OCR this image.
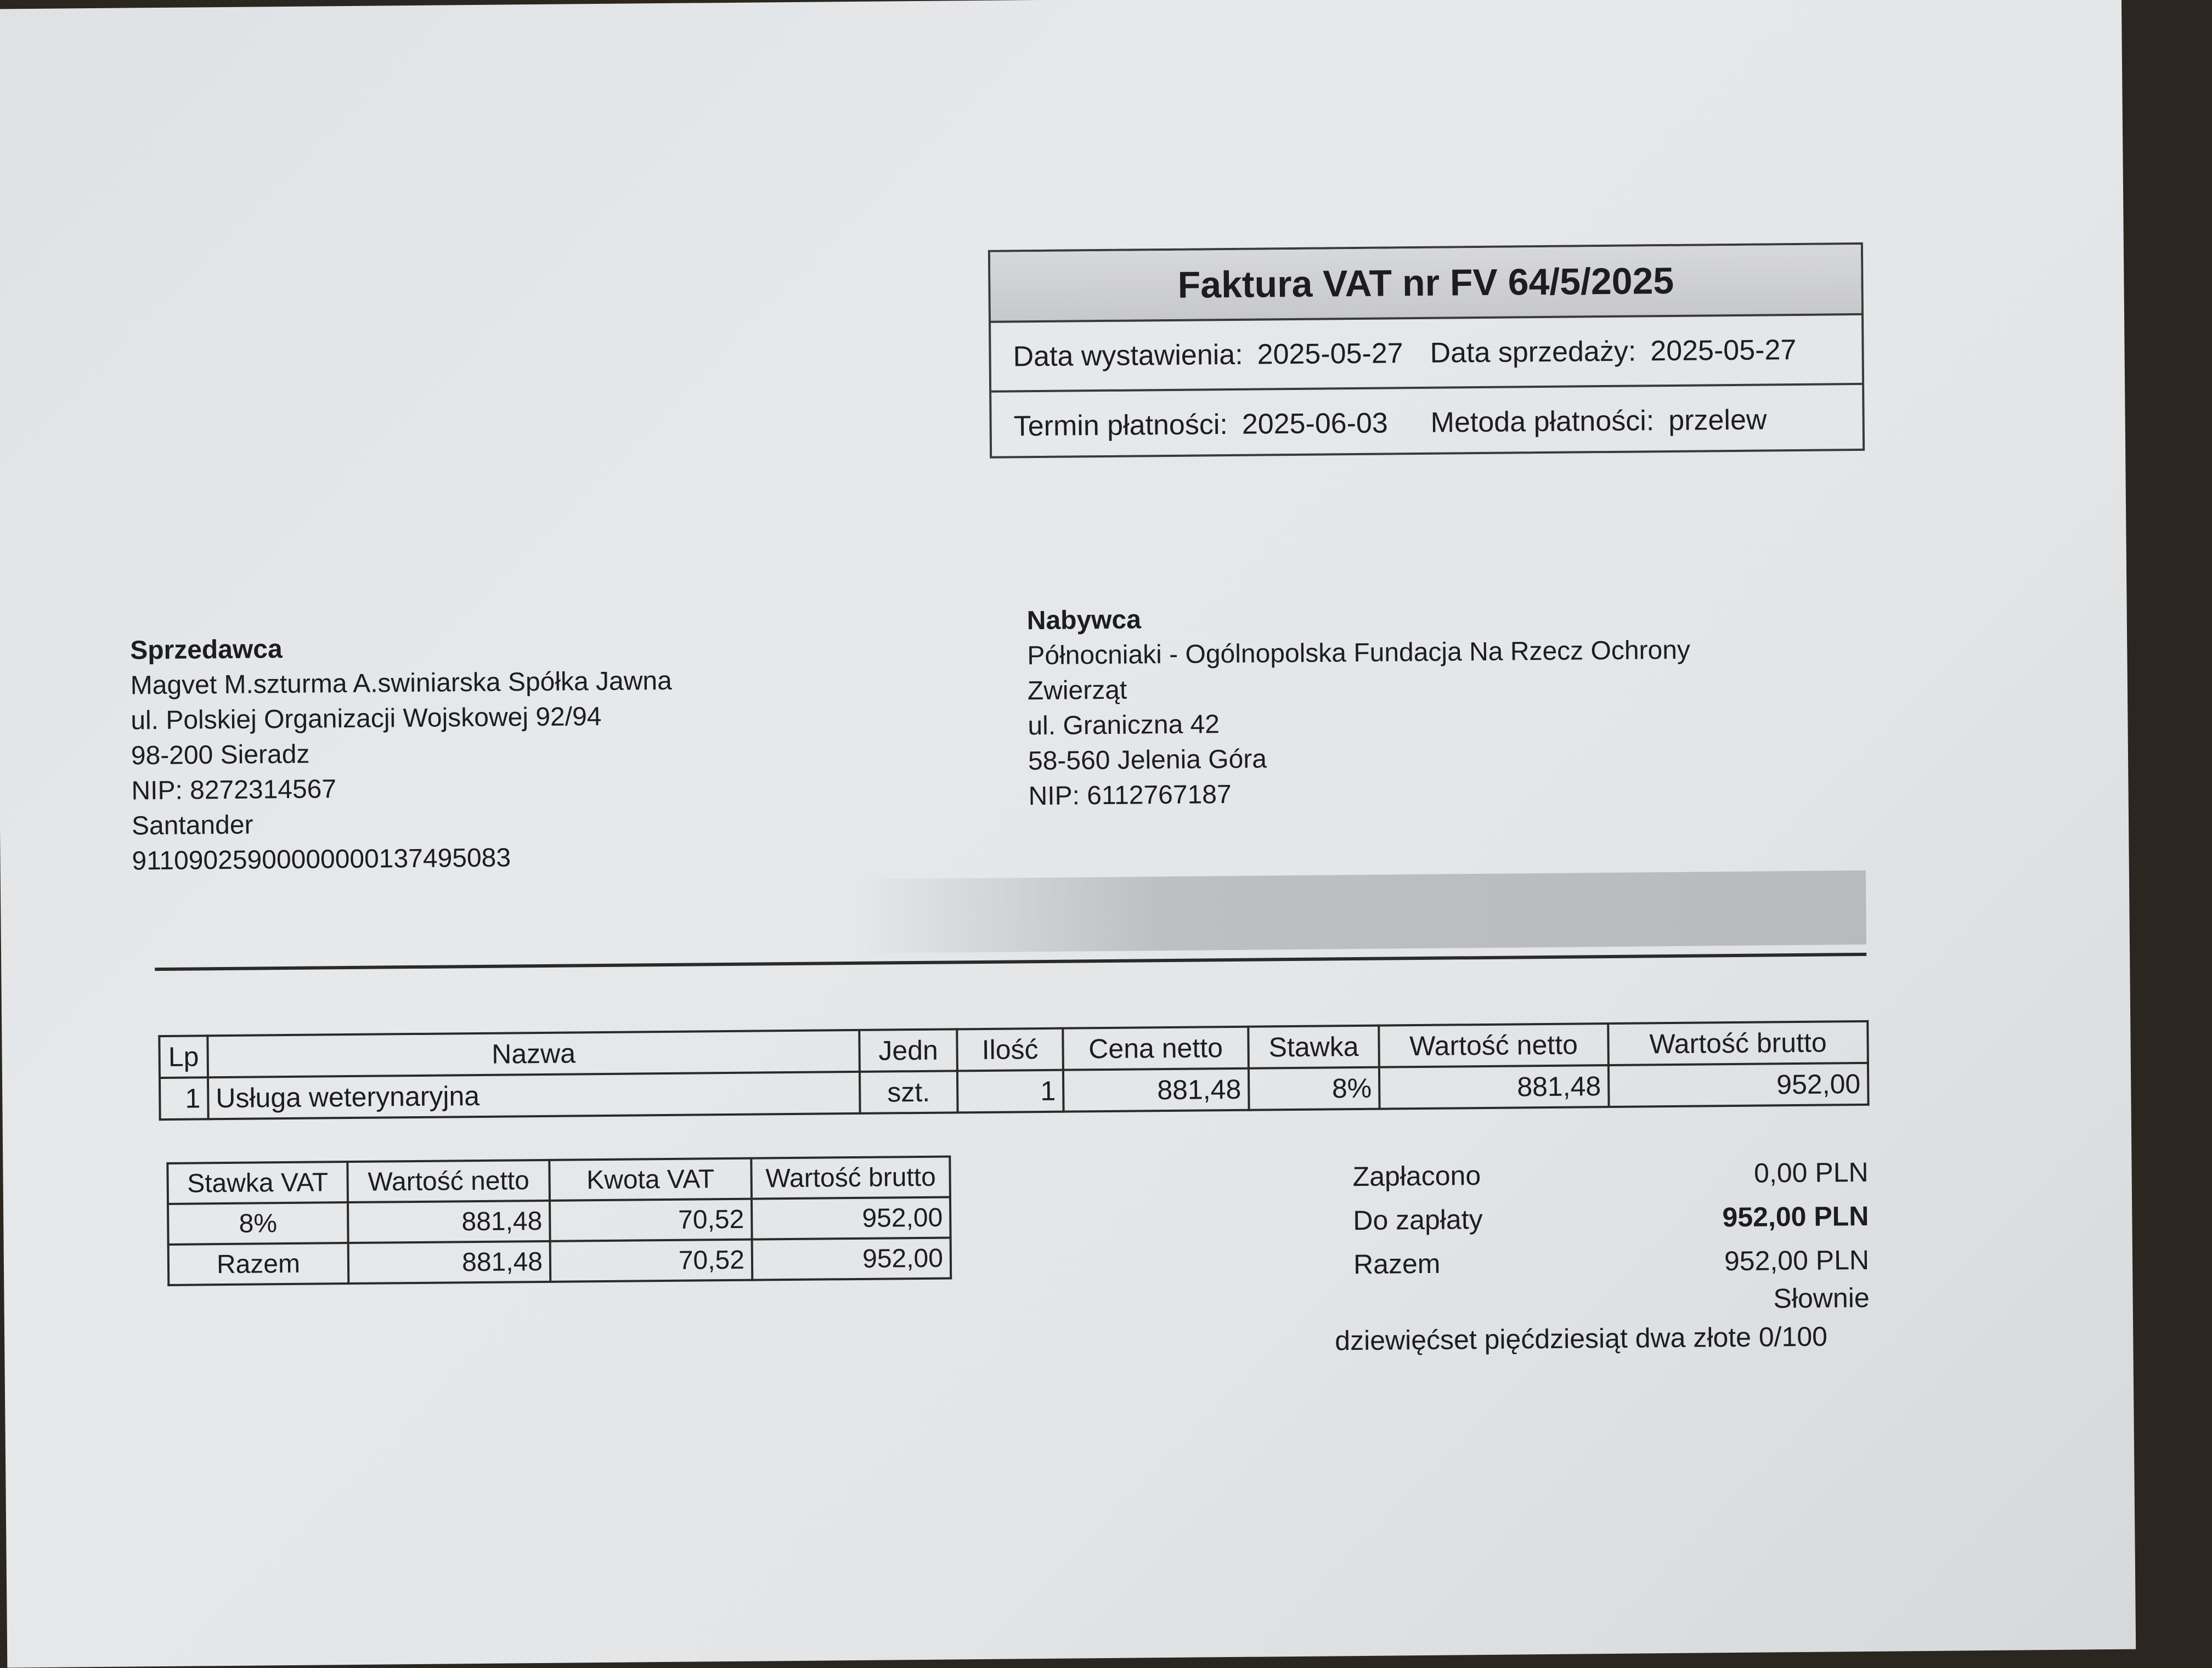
Faktura VAT nr FV 64/5/2025
Data wystawienia: 2025-05-27 Data sprzedaży: 2025-05-27
Termin płatności: 2025-06-03 Metoda płatności: przelew
Sprzedawca
Magvet M.szturma A.swiniarska Spółka Jawna
ul. Polskiej Organizacji Wojskowej 92/94
98-200 Sieradz
NIP: 8272314567
Santander
91109025900000000137495083
Nabywca
Północniaki - Ogólnopolska Fundacja Na Rzecz Ochrony Zwierząt
ul. Graniczna 42
58-560 Jelenia Góra
NIP: 6112767187
Lp	Nazwa	Jedn	Ilość	Cena netto	Stawka	Wartość netto	Wartość brutto
1	Usługa weterynaryjna	szt.	1	881,48	8%	881,48	952,00
Stawka VAT	Wartość netto	Kwota VAT	Wartość brutto
8%	881,48	70,52	952,00
Razem	881,48	70,52	952,00
Zapłacono	0,00 PLN
Do zapłaty	952,00 PLN
Razem	952,00 PLN
Słownie
dziewięćset pięćdziesiąt dwa złote 0/100
